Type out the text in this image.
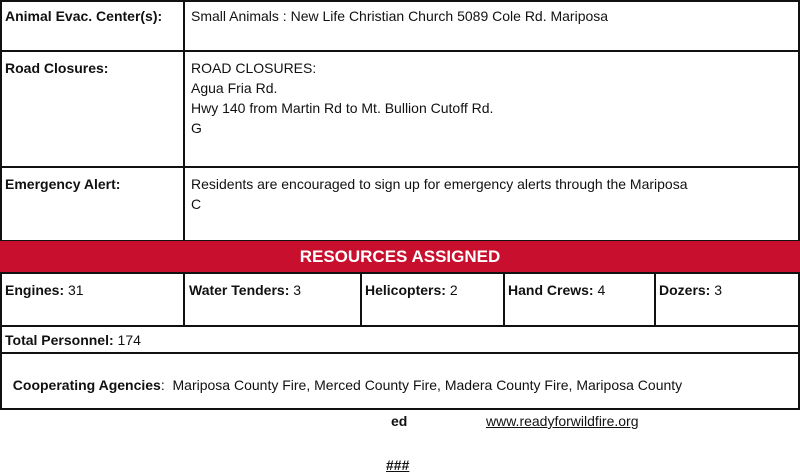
Animal Evac. Center(s): Small Animals : New Life Christian Church 5089 Cole Rd. Mariposa
Road Closures:	ROAD CLOSURES:
Agua Fria Rd.
Hwy 140 from Martin Rd to Mt. Bullion Cutoff Rd.
G
Emergency Alert:	Residents are encouraged to sign up for emergency alerts through the Mariposa
C
RESOURCES ASSIGNED
Engines: 31	Water Tenders: 3	Helicopters: 2	Hand Crews: 4	Dozers: 3
Total Personnel: 174

Cooperating Agencies:  Mariposa County Fire, Merced County Fire, Madera County Fire, Mariposa County

ed	www.readyforwildfire.org
###
